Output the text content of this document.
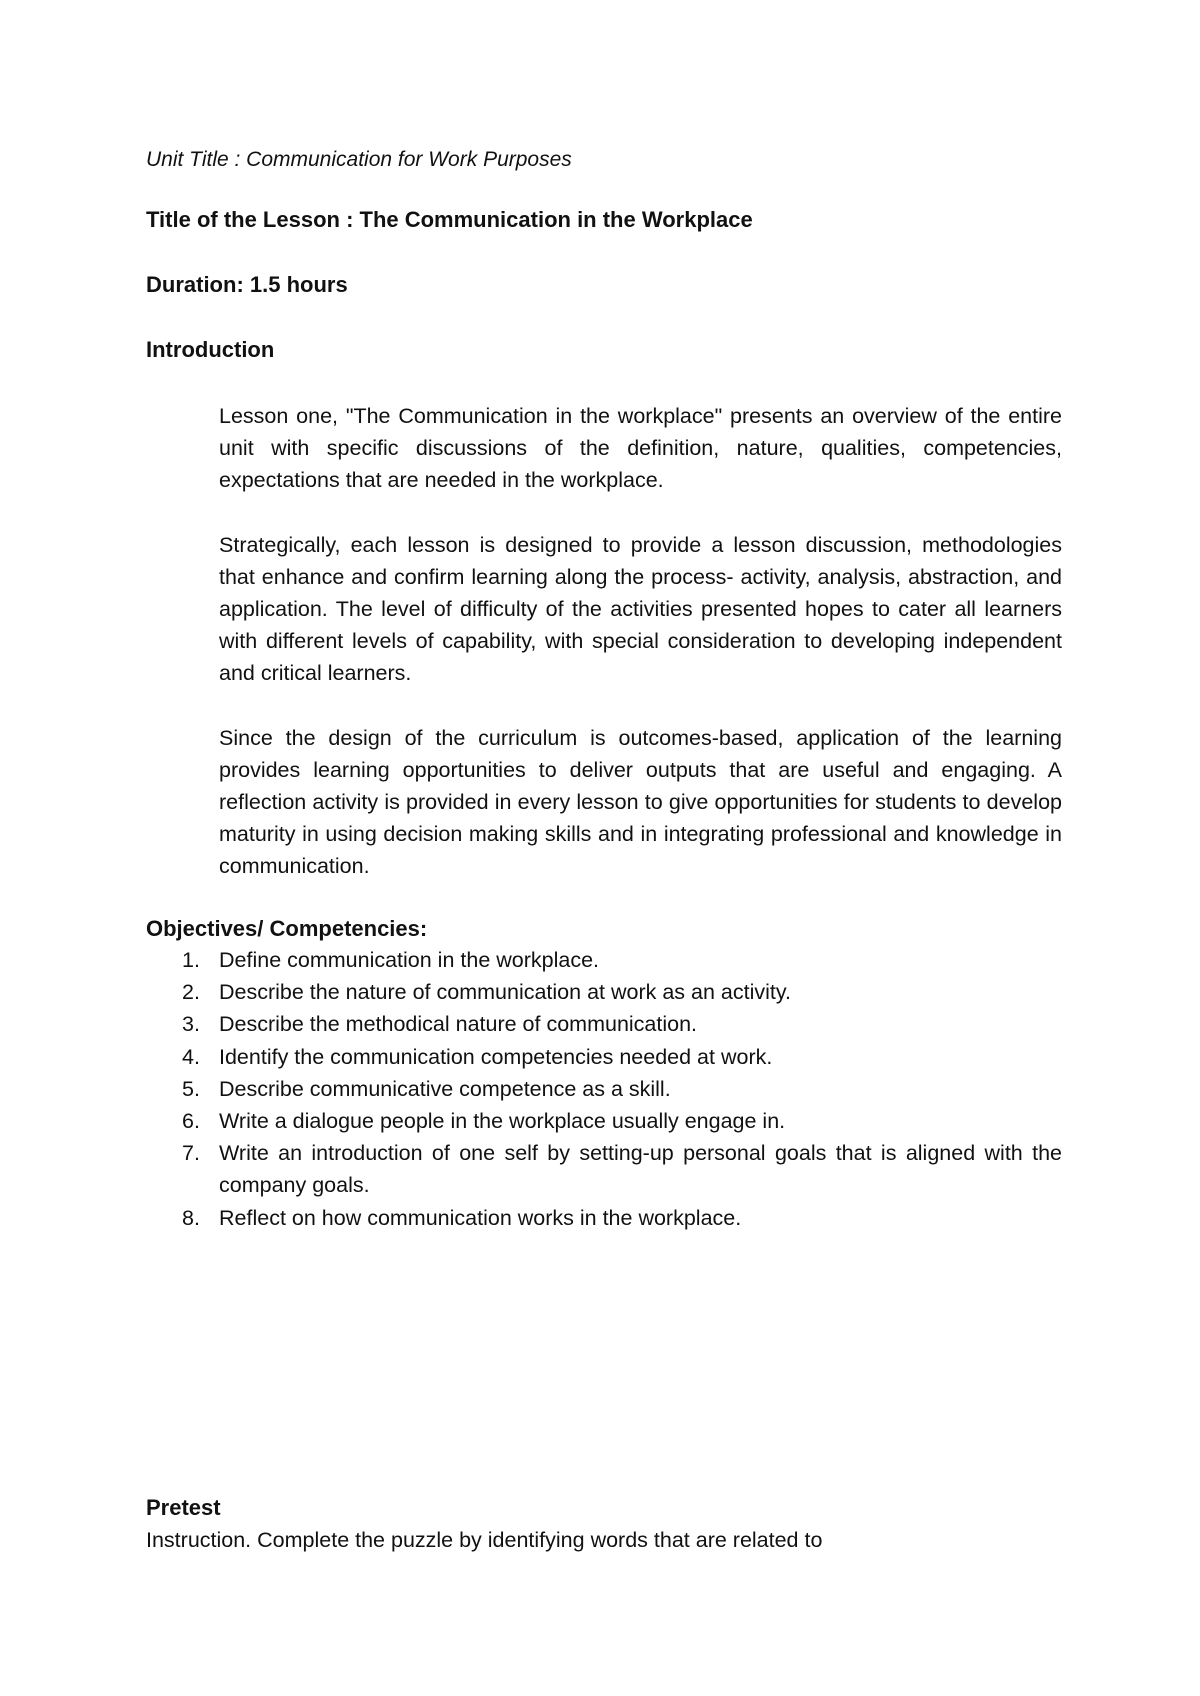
Unit Title : Communication for Work Purposes
Title of the Lesson : The Communication in the Workplace
Duration: 1.5 hours
Introduction

Lesson one, "The Communication in the workplace" presents an overview of the entire unit with specific discussions of the definition, nature, qualities, competencies, expectations that are needed in the workplace.

Strategically, each lesson is designed to provide a lesson discussion, methodologies that enhance and confirm learning along the process- activity, analysis, abstraction, and application. The level of difficulty of the activities presented hopes to cater all learners with different levels of capability, with special consideration to developing independent and critical learners.

Since the design of the curriculum is outcomes-based, application of the learning provides learning opportunities to deliver outputs that are useful and engaging. A reflection activity is provided in every lesson to give opportunities for students to develop maturity in using decision making skills and in integrating professional and knowledge in communication.

Objectives/ Competencies:
1. Define communication in the workplace.
2. Describe the nature of communication at work as an activity.
3. Describe the methodical nature of communication.
4. Identify the communication competencies needed at work.
5. Describe communicative competence as a skill.
6. Write a dialogue people in the workplace usually engage in.
7. Write an introduction of one self by setting-up personal goals that is aligned with the company goals.
8. Reflect on how communication works in the workplace.
Pretest
Instruction. Complete the puzzle by identifying words that are related to
